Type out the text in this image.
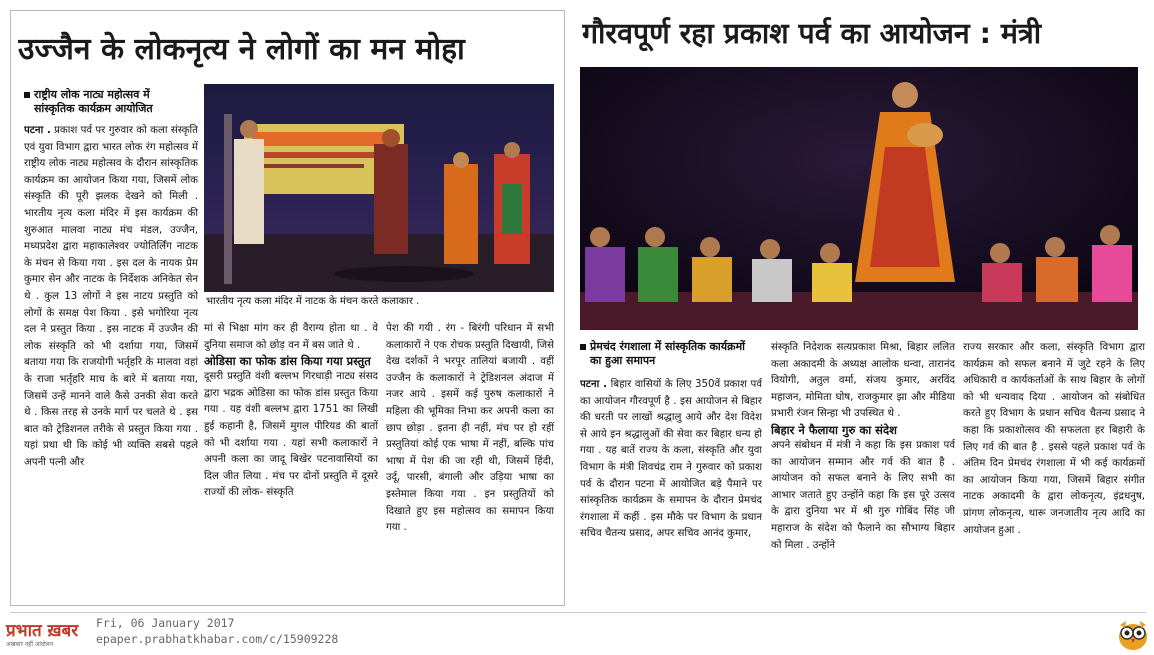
उज्जैन के लोकनृत्य ने लोगों का मन मोहा
राष्ट्रीय लोक नाट्य महोत्सव में सांस्कृतिक कार्यक्रम आयोजित
भारतीय नृत्य कला मंदिर में नाटक के मंचन करते कलाकार .

पटना . प्रकाश पर्व पर गुरुवार को कला संस्कृति एवं युवा विभाग द्वारा भारत लोक रंग महोत्सव में राष्ट्रीय लोक नाट्य महोत्सव के दौरान सांस्कृतिक कार्यक्रम का आयोजन किया गया, जिसमें लोक संस्कृति की पूरी झलक देखने को मिली . भारतीय नृत्य कला मंदिर में इस कार्यक्रम की शुरुआत मालवा नाट्य मंच मंडल, उज्जैन, मध्यप्रदेश द्वारा महाकालेश्वर ज्योतिर्लिंग नाटक के मंचन से किया गया . इस दल के नायक प्रेम कुमार सेन और नाटक के निर्देशक अनिकेत सेन थे . कुल 13 लोगों ने इस नाटय प्रस्तुति को लोगों के समक्ष पेश किया . इसे भगोरिया नृत्य दल ने प्रस्तुत किया . इस नाटक में उज्जैन की लोक संस्कृति को भी दर्शाया गया, जिसमें बताया गया कि राजयोगी भर्तृहरि के मालवा वहां के राजा भर्तृहरि माच के बारे में बताया गया, जिसमें उन्हें मानने वाले कैसे उनकी सेवा करते थे . किस तरह से उनके मार्ग पर चलते थे . इस बात को ट्रेडिशनल तरीके से प्रस्तुत किया गया . यहां प्रथा थी कि कोई भी व्यक्ति सबसे पहले अपनी पत्नी और

मां से भिक्षा मांग कर ही वैराग्य होता था . वे दुनिया समाज को छोड़ वन में बस जाते थे .

ओडिसा का फोक डांस किया गया प्रस्तुत

दूसरी प्रस्तुति वंशी बल्लभ गिरधाड़ी नाट्य संसद द्वारा भद्रक ओडिसा का फोक डांस प्रस्तुत किया गया . यह वंशी बल्लभ द्वारा 1751 का लिखी हुई कहानी है, जिसमें मुगल पीरियड की बातों को भी दर्शाया गया . यहां सभी कलाकारों ने अपनी कला का जादू बिखेर पटनावासियों का दिल जीत लिया . मंच पर दोनों प्रस्तुति में दूसरे राज्यों की लोक- संस्कृति

पेश की गयी . रंग - बिरंगी परिधान में सभी कलाकारों ने एक रोचक प्रस्तुति दिखायी, जिसे देख दर्शकों ने भरपूर तालियां बजायी . वहीं उज्जैन के कलाकारों ने ट्रेडिशनल अंदाज में नजर आये . इसमें कई पुरुष कलाकारों ने महिला की भूमिका निभा कर अपनी कला का छाप छोड़ा . इतना ही नहीं, मंच पर हो रहीं प्रस्तुतियां कोई एक भाषा में नहीं, बल्कि पांच भाषा में पेश की जा रही थी, जिसमें हिंदी, उर्दू, पारसी, बंगाली और उड़िया भाषा का इस्तेमाल किया गया . इन प्रस्तुतियों को दिखाते हुए इस महोत्सव का समापन किया गया .

गौरवपूर्ण रहा प्रकाश पर्व का आयोजन : मंत्री
प्रेमचंद रंगशाला में सांस्कृतिक कार्यक्रमों का हुआ समापन

पटना . बिहार वासियों के लिए 350वें प्रकाश पर्व का आयोजन गौरवपूर्ण है . इस आयोजन से बिहार की धरती पर लाखों श्रद्धालु आये और देश विदेश से आये इन श्रद्धालुओं की सेवा कर बिहार धन्य हो गया . यह बातें राज्य के कला, संस्कृति और युवा विभाग के मंत्री शिवचंद्र राम ने गुरुवार को प्रकाश पर्व के दौरान पटना में आयोजित बड़े पैमाने पर सांस्कृतिक कार्यक्रम के समापन के दौरान प्रेमचंद रंगशाला में कहीं . इस मौके पर विभाग के प्रधान सचिव चैतन्य प्रसाद, अपर सचिव आनंद कुमार,

संस्कृति निदेशक सत्यप्रकाश मिश्रा, बिहार ललित कला अकादमी के अध्यक्ष आलोक धन्वा, तारानंद वियोगी, अतुल वर्मा, संजय कुमार, अरविंद महाजन, मोमिता घोष, राजकुमार झा और मीडिया प्रभारी रंजन सिन्हा भी उपस्थित थे .

बिहार ने फैलाया गुरु का संदेश

अपने संबोधन में मंत्री ने कहा कि इस प्रकाश पर्व का आयोजन सम्मान और गर्व की बात है . आयोजन को सफल बनाने के लिए सभी का आभार जताते हुए उन्होंने कहा कि इस पूरे उत्सव के द्वारा दुनिया भर में श्री गुरु गोबिंद सिंह जी महाराज के संदेश को फैलाने का सौभाग्य बिहार को मिला . उन्होंने

राज्य सरकार और कला, संस्कृति विभाग द्वारा कार्यक्रम को सफल बनाने में जुटे रहने के लिए अधिकारी व कार्यकर्ताओं के साथ बिहार के लोगों को भी धन्यवाद दिया . आयोजन को संबोधित करते हुए विभाग के प्रधान सचिव चैतन्य प्रसाद ने कहा कि प्रकाशोत्सव की सफलता हर बिहारी के लिए गर्व की बात है . इससे पहले प्रकाश पर्व के अंतिम दिन प्रेमचंद रंगशाला में भी कई कार्यक्रमों का आयोजन किया गया, जिसमें बिहार संगीत नाटक अकादमी के द्वारा लोकनृत्य, इंद्रधनुष, प्रांगण लोकनृत्य, थारू जनजातीय नृत्य आदि का आयोजन हुआ .

प्रभात ख़बर
अखबार नहीं आंदोलन
Fri, 06 January 2017
epaper.prabhatkhabar.com/c/15909228
